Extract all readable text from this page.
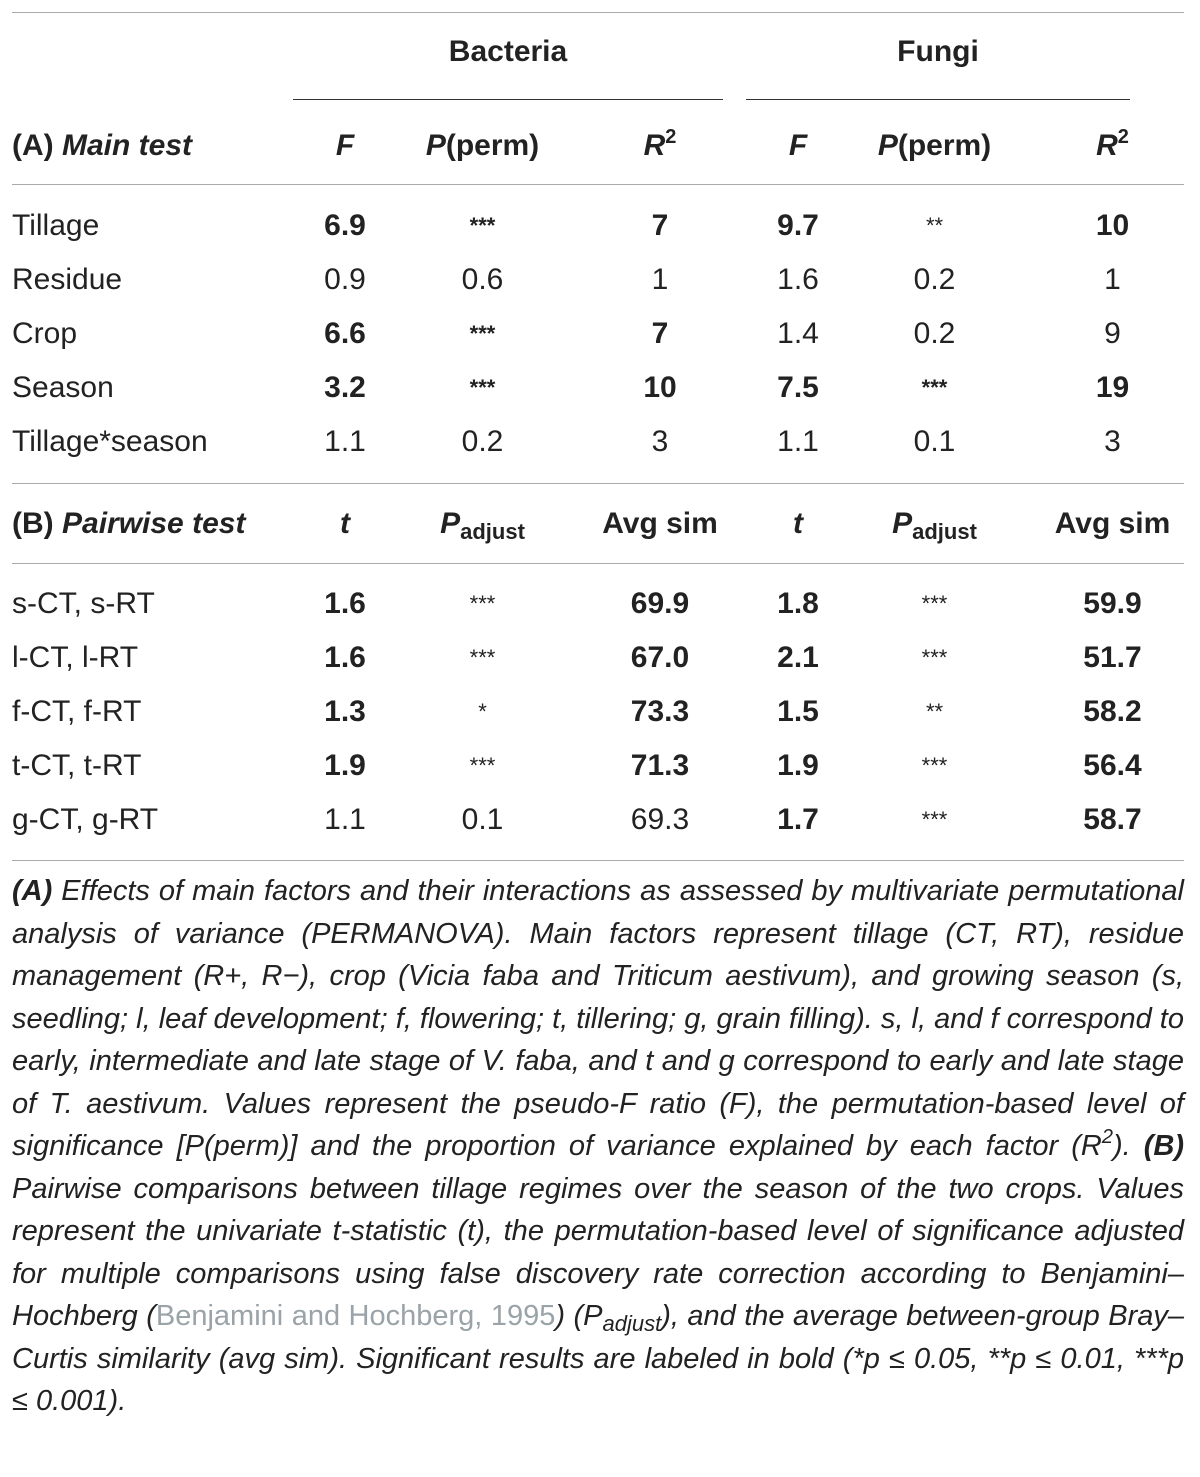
Bacteria	Fungi
(A) Main test	F	P(perm)	$R^2$	F	P(perm)	$R^2$
Tillage	6.9	***	7	9.7	**	10
Residue	0.9	0.6	1	1.6	0.2	1
Crop	6.6	***	7	1.4	0.2	9
Season	3.2	***	10	7.5	***	19
Tillage*season	1.1	0.2	3	1.1	0.1	3
(B) Pairwise test	t	$P_{adjust}$	Avg sim	t	$P_{adjust}$	Avg sim
s-CT, s-RT	1.6	***	69.9	1.8	***	59.9
l-CT, l-RT	1.6	***	67.0	2.1	***	51.7
f-CT, f-RT	1.3	*	73.3	1.5	**	58.2
t-CT, t-RT	1.9	***	71.3	1.9	***	56.4
g-CT, g-RT	1.1	0.1	69.3	1.7	***	58.7
(A) Effects of main factors and their interactions as assessed by multivariate permutational analysis of variance (PERMANOVA). Main factors represent tillage (CT, RT), residue management (R+, R−), crop (Vicia faba and Triticum aestivum), and growing season (s, seedling; l, leaf development; f, flowering; t, tillering; g, grain filling). s, l, and f correspond to early, intermediate and late stage of V. faba, and t and g correspond to early and late stage of T. aestivum. Values represent the pseudo-F ratio (F), the permutation-based level of significance [P(perm)] and the proportion of variance explained by each factor $(R^2)$. (B) Pairwise comparisons between tillage regimes over the season of the two crops. Values represent the univariate t-statistic (t), the permutation-based level of significance adjusted for multiple comparisons using false discovery rate correction according to Benjamini–Hochberg (Benjamini and Hochberg, 1995) $(P_{adjust})$, and the average between-group Bray–Curtis similarity (avg sim). Significant results are labeled in bold (*p ≤ 0.05, **p ≤ 0.01, ***p ≤ 0.001).
